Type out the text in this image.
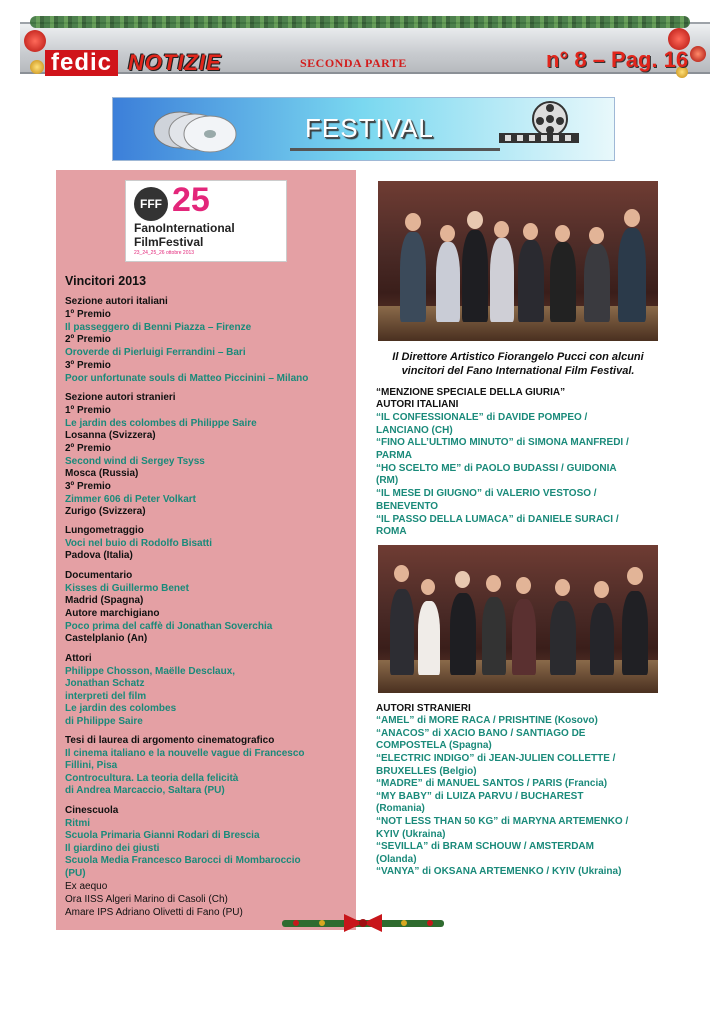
fedic NOTIZIE	SECONDA PARTE	n° 8 – Pag. 16
FESTIVAL
FFF 25
FanoInternational
FilmFestival
23_24_25_26 ottobre 2013
Vincitori 2013
Sezione autori italiani
1º Premio
Il passeggero di Benni Piazza – Firenze
2º Premio
Oroverde di Pierluigi Ferrandini – Bari
3º Premio
Poor unfortunate souls di Matteo Piccinini – Milano
Sezione autori stranieri
1º Premio
Le jardin des colombes di Philippe Saire
Losanna (Svizzera)
2º Premio
Second wind di Sergey Tsyss
Mosca (Russia)
3º Premio
Zimmer 606 di Peter Volkart
Zurigo (Svizzera)
Lungometraggio
Voci nel buio di Rodolfo Bisatti
Padova (Italia)
Documentario
Kisses di Guillermo Benet
Madrid (Spagna)
Autore marchigiano
Poco prima del caffè di Jonathan Soverchia
Castelplanio (An)
Attori
Philippe Chosson, Maëlle Desclaux,
Jonathan Schatz
interpreti del film
Le jardin des colombes
di Philippe Saire
Tesi di laurea di argomento cinematografico
Il cinema italiano e la nouvelle vague di Francesco
Fillini, Pisa
Controcultura. La teoria della felicità
di Andrea Marcaccio, Saltara (PU)
Cinescuola
Ritmi
Scuola Primaria Gianni Rodari di Brescia
Il giardino dei giusti
Scuola Media Francesco Barocci di Mombaroccio
(PU)
Ex aequo
Ora IISS Algeri Marino di Casoli (Ch)
Amare IPS Adriano Olivetti di Fano (PU)
Il Direttore Artistico Fiorangelo Pucci con alcuni
vincitori del Fano International Film Festival.
“MENZIONE SPECIALE DELLA GIURIA”
AUTORI ITALIANI
“IL CONFESSIONALE” di DAVIDE POMPEO /
LANCIANO (CH)
“FINO ALL’ULTIMO MINUTO” di SIMONA MANFREDI /
PARMA
“HO SCELTO ME” di PAOLO BUDASSI / GUIDONIA
(RM)
“IL MESE DI GIUGNO” di VALERIO VESTOSO /
BENEVENTO
“IL PASSO DELLA LUMACA” di DANIELE SURACI /
ROMA
AUTORI STRANIERI
“AMEL” di MORE RACA / PRISHTINE (Kosovo)
“ANACOS” di XACIO BANO / SANTIAGO DE
COMPOSTELA (Spagna)
“ELECTRIC INDIGO” di JEAN-JULIEN COLLETTE /
BRUXELLES (Belgio)
“MADRE” di MANUEL SANTOS / PARIS (Francia)
“MY BABY” di LUIZA PARVU / BUCHAREST
(Romania)
“NOT LESS THAN 50 KG” di MARYNA ARTEMENKO /
KYIV (Ukraina)
“SEVILLA” di BRAM SCHOUW / AMSTERDAM
(Olanda)
“VANYA” di OKSANA ARTEMENKO / KYIV (Ukraina)
